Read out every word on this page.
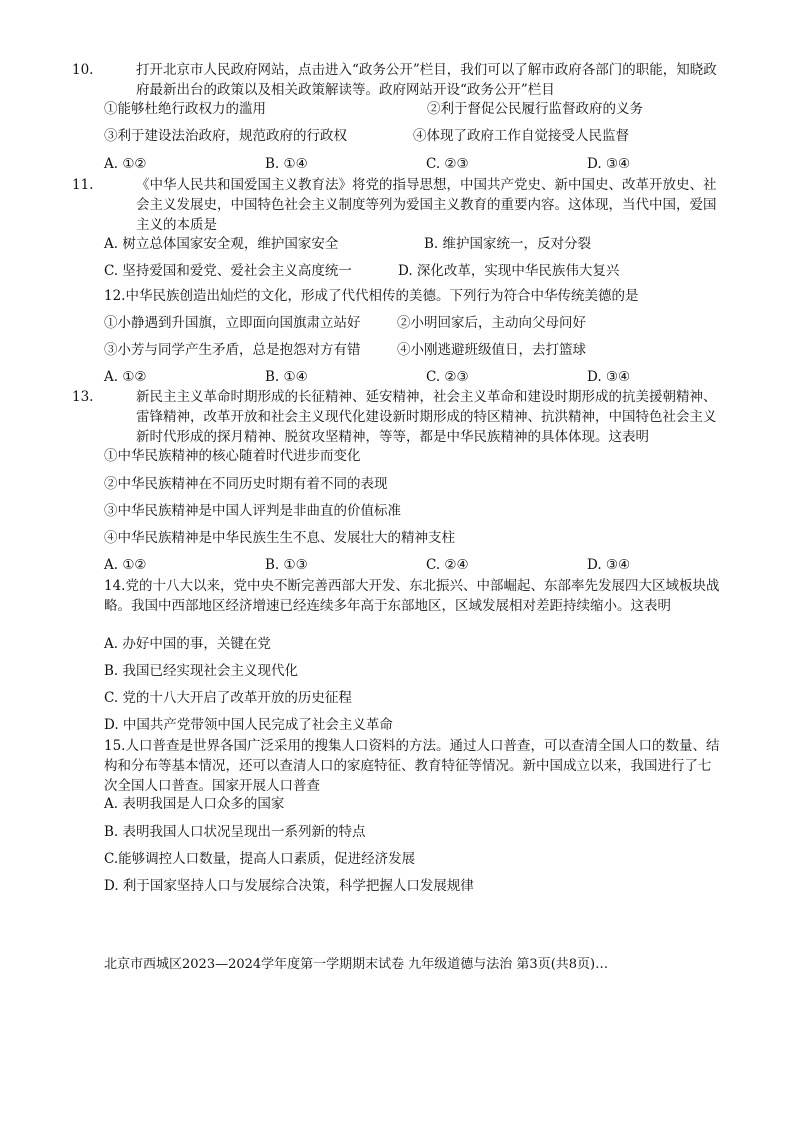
10.	打开北京市人民政府网站，点击进入“政务公开”栏目，我们可以了解市政府各部门的职能，知晓政府最新出台的政策以及相关政策解读等。政府网站开设“政务公开”栏目
①能够杜绝行政权力的滥用	②利于督促公民履行监督政府的义务
③利于建设法治政府，规范政府的行政权	④体现了政府工作自觉接受人民监督
A. ①②	B. ①④	C. ②③	D. ③④
11.	《中华人民共和国爱国主义教育法》将党的指导思想，中国共产党史、新中国史、改革开放史、社会主义发展史，中国特色社会主义制度等列为爱国主义教育的重要内容。这体现，当代中国，爱国主义的本质是
A. 树立总体国家安全观，维护国家安全	B. 维护国家统一，反对分裂
C. 坚持爱国和爱党、爱社会主义高度统一	D. 深化改革，实现中华民族伟大复兴
12.中华民族创造出灿烂的文化，形成了代代相传的美德。下列行为符合中华传统美德的是
①小静遇到升国旗，立即面向国旗肃立站好	②小明回家后，主动向父母问好
③小芳与同学产生矛盾，总是抱怨对方有错	④小刚逃避班级值日，去打篮球
A. ①②	B. ①④	C. ②③	D. ③④
13.	新民主主义革命时期形成的长征精神、延安精神，社会主义革命和建设时期形成的抗美援朝精神、雷锋精神，改革开放和社会主义现代化建设新时期形成的特区精神、抗洪精神，中国特色社会主义新时代形成的探月精神、脱贫攻坚精神，等等，都是中华民族精神的具体体现。这表明
①中华民族精神的核心随着时代进步而变化
②中华民族精神在不同历史时期有着不同的表现
③中华民族精神是中国人评判是非曲直的价值标准
④中华民族精神是中华民族生生不息、发展壮大的精神支柱
A. ①②	B. ①③	C. ②④	D. ③④
14.党的十八大以来，党中央不断完善西部大开发、东北振兴、中部崛起、东部率先发展四大区域板块战略。我国中西部地区经济增速已经连续多年高于东部地区，区域发展相对差距持续缩小。这表明
A. 办好中国的事，关键在党
B. 我国已经实现社会主义现代化
C. 党的十八大开启了改革开放的历史征程
D. 中国共产党带领中国人民完成了社会主义革命
15.人口普查是世界各国广泛采用的搜集人口资料的方法。通过人口普查，可以查清全国人口的数量、结构和分布等基本情况，还可以查清人口的家庭特征、教育特征等情况。新中国成立以来，我国进行了七次全国人口普查。国家开展人口普查
A. 表明我国是人口众多的国家
B. 表明我国人口状况呈现出一系列新的特点
C.能够调控人口数量，提高人口素质，促进经济发展
D. 利于国家坚持人口与发展综合决策，科学把握人口发展规律
北京市西城区2023—2024学年度第一学期期末试卷 九年级道德与法治 第3页(共8页)…
